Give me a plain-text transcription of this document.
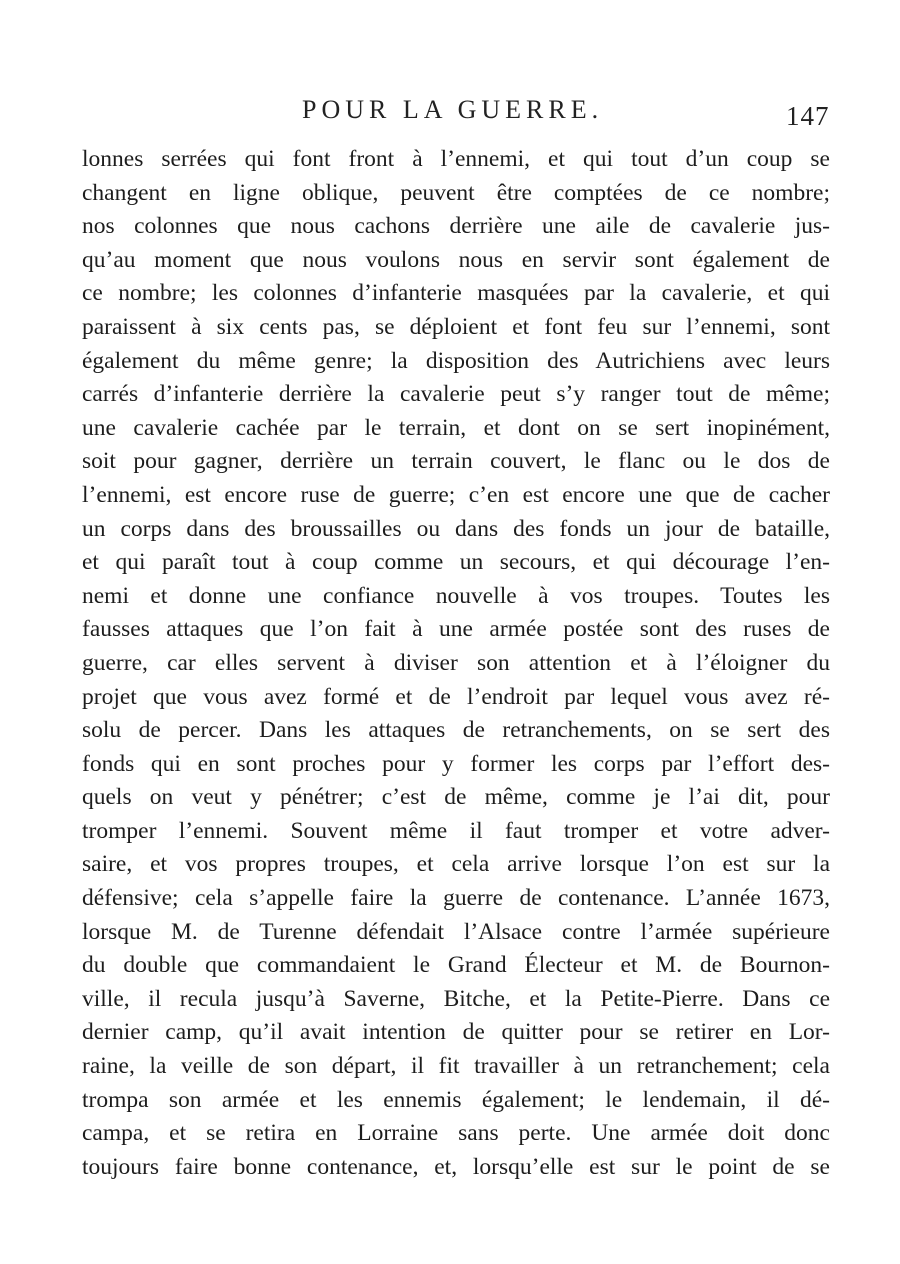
POUR LA GUERRE.	147
lonnes serrées qui font front à l’ennemi, et qui tout d’un coup se
changent en ligne oblique, peuvent être comptées de ce nombre;
nos colonnes que nous cachons derrière une aile de cavalerie jus-
qu’au moment que nous voulons nous en servir sont également de
ce nombre; les colonnes d’infanterie masquées par la cavalerie, et qui
paraissent à six cents pas, se déploient et font feu sur l’ennemi, sont
également du même genre; la disposition des Autrichiens avec leurs
carrés d’infanterie derrière la cavalerie peut s’y ranger tout de même;
une cavalerie cachée par le terrain, et dont on se sert inopinément,
soit pour gagner, derrière un terrain couvert, le flanc ou le dos de
l’ennemi, est encore ruse de guerre; c’en est encore une que de cacher
un corps dans des broussailles ou dans des fonds un jour de bataille,
et qui paraît tout à coup comme un secours, et qui décourage l’en-
nemi et donne une confiance nouvelle à vos troupes. Toutes les
fausses attaques que l’on fait à une armée postée sont des ruses de
guerre, car elles servent à diviser son attention et à l’éloigner du
projet que vous avez formé et de l’endroit par lequel vous avez ré-
solu de percer. Dans les attaques de retranchements, on se sert des
fonds qui en sont proches pour y former les corps par l’effort des-
quels on veut y pénétrer; c’est de même, comme je l’ai dit, pour
tromper l’ennemi. Souvent même il faut tromper et votre adver-
saire, et vos propres troupes, et cela arrive lorsque l’on est sur la
défensive; cela s’appelle faire la guerre de contenance. L’année 1673,
lorsque M. de Turenne défendait l’Alsace contre l’armée supérieure
du double que commandaient le Grand Électeur et M. de Bournon-
ville, il recula jusqu’à Saverne, Bitche, et la Petite-Pierre. Dans ce
dernier camp, qu’il avait intention de quitter pour se retirer en Lor-
raine, la veille de son départ, il fit travailler à un retranchement; cela
trompa son armée et les ennemis également; le lendemain, il dé-
campa, et se retira en Lorraine sans perte. Une armée doit donc
toujours faire bonne contenance, et, lorsqu’elle est sur le point de se
